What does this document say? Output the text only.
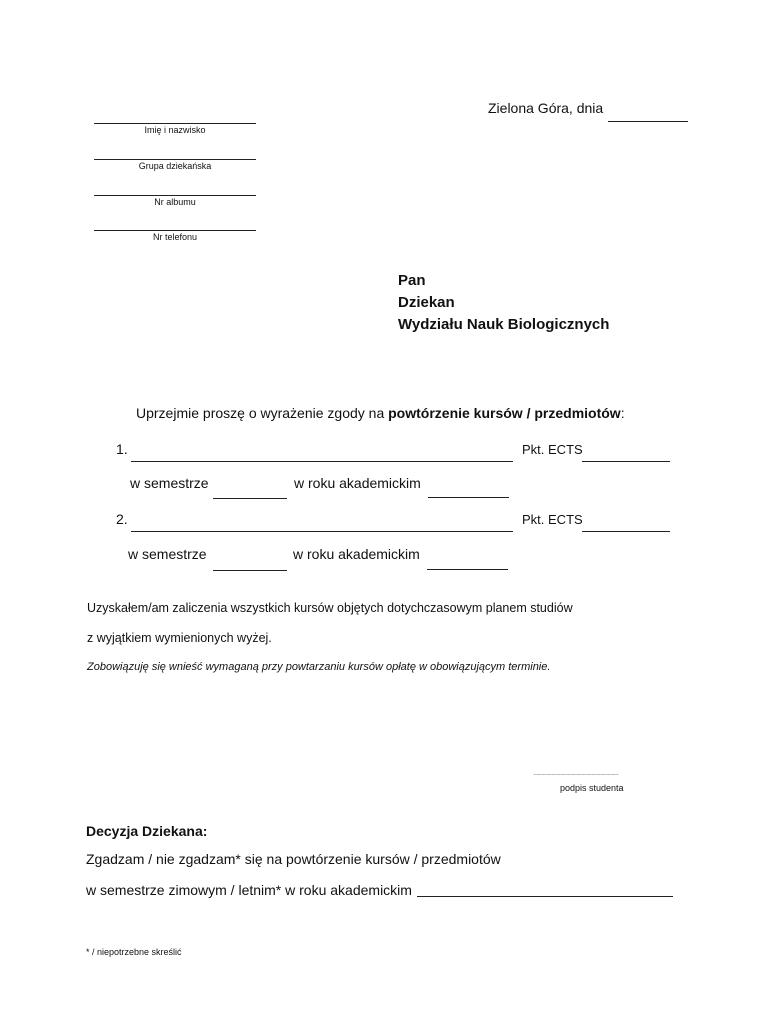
Zielona Góra, dnia
Imię i nazwisko
Grupa dziekańska
Nr albumu
Nr telefonu
Pan
Dziekan
Wydziału Nauk Biologicznych
Uprzejmie proszę o wyrażenie zgody na powtórzenie kursów / przedmiotów:
1.	Pkt. ECTS
w semestrze	w roku akademickim
2.	Pkt. ECTS
w semestrze	w roku akademickim
Uzyskałem/am zaliczenia wszystkich kursów objętych dotychczasowym planem studiów
z wyjątkiem wymienionych wyżej.
Zobowiązuję się wnieść wymaganą przy powtarzaniu kursów opłatę w obowiązującym terminie.
……………………………………………
podpis studenta
Decyzja Dziekana:
Zgadzam / nie zgadzam* się na powtórzenie kursów / przedmiotów
w semestrze zimowym / letnim* w roku akademickim
* / niepotrzebne skreślić
